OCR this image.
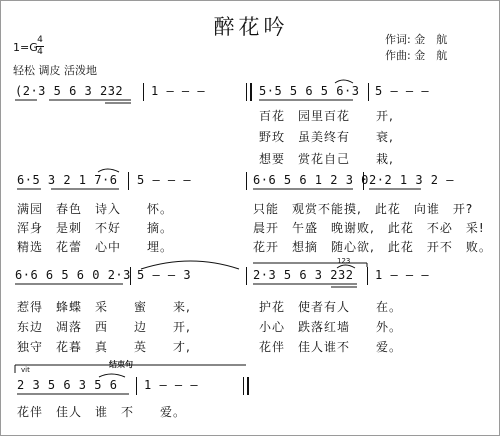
醉花吟
作词: 金　航
作曲: 金　航
1=G
4
4
轻松 调皮 活泼地
(2·3 5 6 3 232 1 — — —	5·5 5 6 5 6·3 5 — — —
百花　园里百花　　开,
野玫　虽美终有　　衰,
想要　赏花自己　　栽,
6·5 3 2 1 7·6 5 — — —	6·6 5 6 1 2 3 0 2·2 1 3 2 —
满园　春色　诗入　　怀。
浑身　是刺　不好　　摘。
精选　花蕾　心中　　埋。
只能　观赏不能摸,　此花　向谁　开?
晨开　午盛　晚谢败,　此花　不必　采!
花开　想摘　随心欲,　此花　开不　败。
6·6 6 5 6 0 2·3 5 — — 3	2·3 5 6 3 232 1 — — —
123
惹得　蜂蝶　采　　蜜　　来,
东边　凋落　西　　边　　开,
独守　花暮　真　　英　　才,
护花　使者有人　　在。
小心　跌落红墙　　外。
花伴　佳人谁不　　爱。
vit
结束句
2 3 5 6 3 5 6 1 — — —
花伴　佳人　谁　不　　爱。
